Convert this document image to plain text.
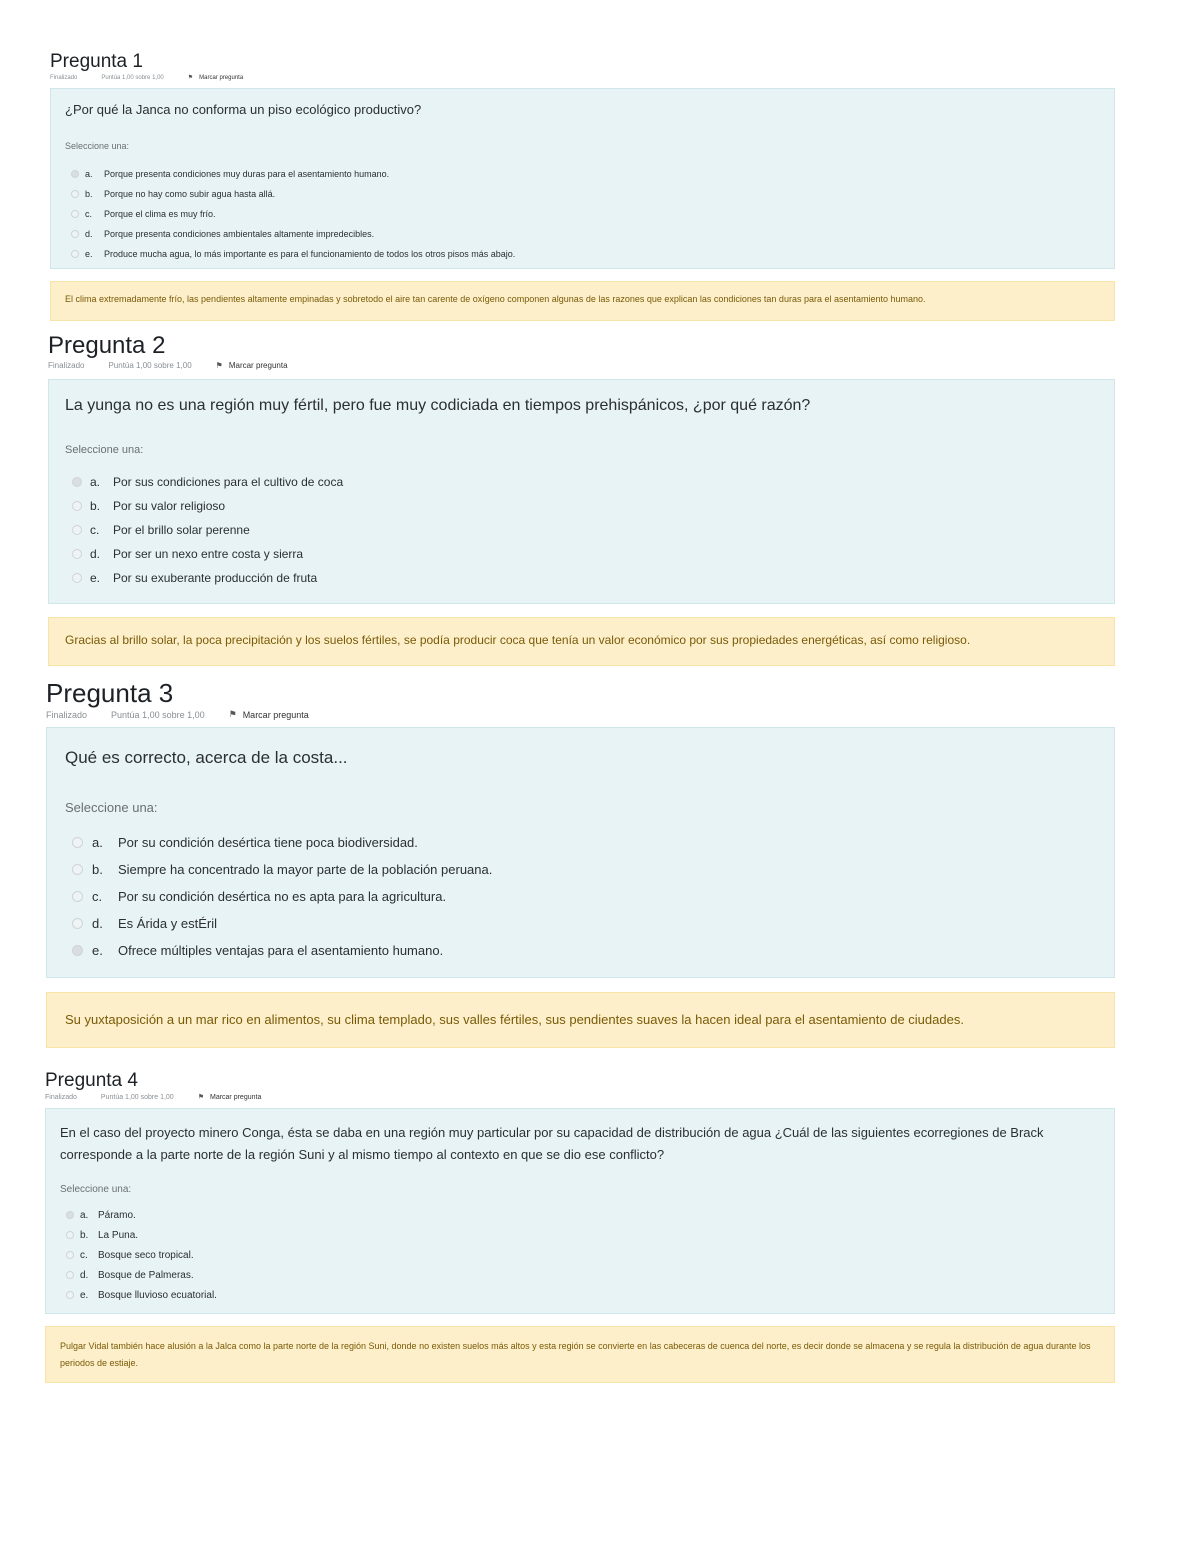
Pregunta 1
Finalizado	Puntúa 1,00 sobre 1,00	⚑ Marcar pregunta

¿Por qué la Janca no conforma un piso ecológico productivo?

Seleccione una:

a.	Porque presenta condiciones muy duras para el asentamiento humano.
b.	Porque no hay como subir agua hasta allá.
c.	Porque el clima es muy frío.
d.	Porque presenta condiciones ambientales altamente impredecibles.
e.	Produce mucha agua, lo más importante es para el funcionamiento de todos los otros pisos más abajo.
El clima extremadamente frío, las pendientes altamente empinadas y sobretodo el aire tan carente de oxígeno componen algunas de las razones que explican las condiciones tan duras para el asentamiento humano.
Pregunta 2
Finalizado	Puntúa 1,00 sobre 1,00	⚑ Marcar pregunta

La yunga no es una región muy fértil, pero fue muy codiciada en tiempos prehispánicos, ¿por qué razón?

Seleccione una:

a.	Por sus condiciones para el cultivo de coca
b.	Por su valor religioso
c.	Por el brillo solar perenne
d.	Por ser un nexo entre costa y sierra
e.	Por su exuberante producción de fruta
Gracias al brillo solar, la poca precipitación y los suelos fértiles, se podía producir coca que tenía un valor económico por sus propiedades energéticas, así como religioso.
Pregunta 3
Finalizado	Puntúa 1,00 sobre 1,00	⚑ Marcar pregunta

Qué es correcto, acerca de la costa...

Seleccione una:

a.	Por su condición desértica tiene poca biodiversidad.
b.	Siempre ha concentrado la mayor parte de la población peruana.
c.	Por su condición desértica no es apta para la agricultura.
d.	Es Árida y estÉril
e.	Ofrece múltiples ventajas para el asentamiento humano.
Su yuxtaposición a un mar rico en alimentos, su clima templado, sus valles fértiles, sus pendientes suaves la hacen ideal para el asentamiento de ciudades.
Pregunta 4
Finalizado	Puntúa 1,00 sobre 1,00	⚑ Marcar pregunta

En el caso del proyecto minero Conga, ésta se daba en una región muy particular por su capacidad de distribución de agua ¿Cuál de las siguientes ecorregiones de Brack corresponde a la parte norte de la región Suni y al mismo tiempo al contexto en que se dio ese conflicto?

Seleccione una:

a. Páramo.
b. La Puna.
c.	Bosque seco tropical.
d. Bosque de Palmeras.
e. Bosque lluvioso ecuatorial.
Pulgar Vidal también hace alusión a la Jalca como la parte norte de la región Suni, donde no existen suelos más altos y esta región se convierte en las cabeceras de cuenca del norte, es decir donde se almacena y se regula la distribución de agua durante los periodos de estiaje.
